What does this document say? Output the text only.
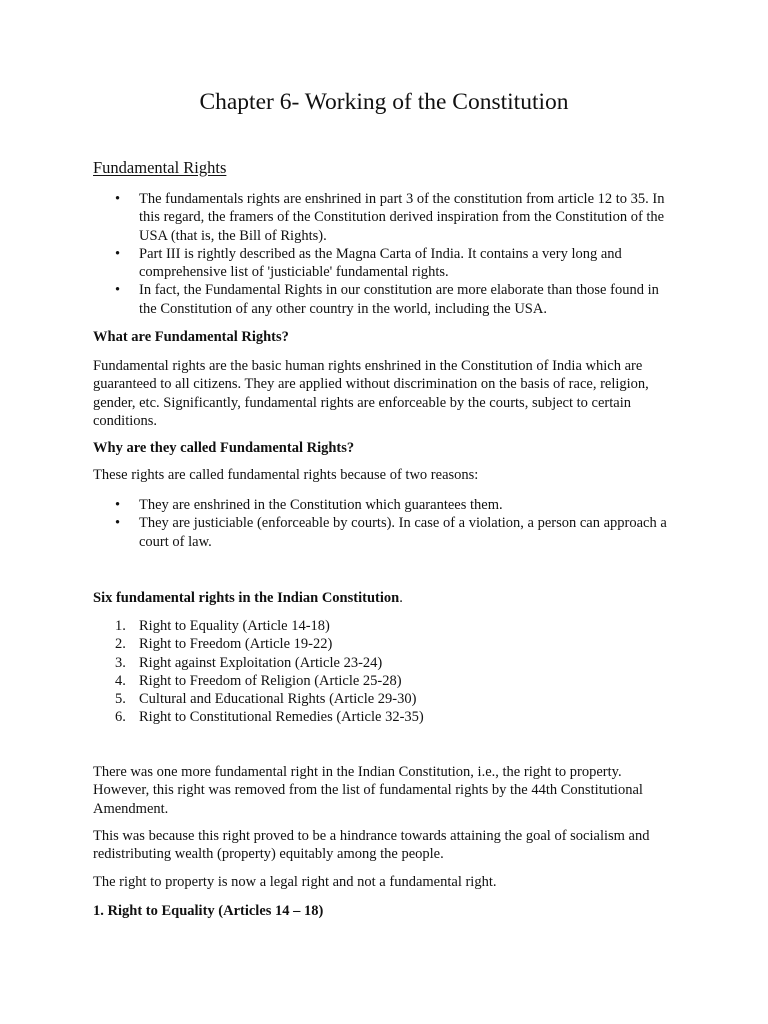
Chapter 6- Working of the Constitution
Fundamental Rights
• The fundamentals rights are enshrined in part 3 of the constitution from article 12 to 35. In this regard, the framers of the Constitution derived inspiration from the Constitution of the USA (that is, the Bill of Rights).
• Part III is rightly described as the Magna Carta of India. It contains a very long and comprehensive list of 'justiciable' fundamental rights.
• In fact, the Fundamental Rights in our constitution are more elaborate than those found in the Constitution of any other country in the world, including the USA.
What are Fundamental Rights?

Fundamental rights are the basic human rights enshrined in the Constitution of India which are guaranteed to all citizens. They are applied without discrimination on the basis of race, religion, gender, etc. Significantly, fundamental rights are enforceable by the courts, subject to certain conditions.

Why are they called Fundamental Rights?

These rights are called fundamental rights because of two reasons:

• They are enshrined in the Constitution which guarantees them.
• They are justiciable (enforceable by courts). In case of a violation, a person can approach a court of law.
Six fundamental rights in the Indian Constitution.
1. Right to Equality (Article 14-18)
2. Right to Freedom (Article 19-22)
3. Right against Exploitation (Article 23-24)
4. Right to Freedom of Religion (Article 25-28)
5. Cultural and Educational Rights (Article 29-30)
6. Right to Constitutional Remedies (Article 32-35)

There was one more fundamental right in the Indian Constitution, i.e., the right to property. However, this right was removed from the list of fundamental rights by the 44th Constitutional Amendment.

This was because this right proved to be a hindrance towards attaining the goal of socialism and redistributing wealth (property) equitably among the people.

The right to property is now a legal right and not a fundamental right.

1. Right to Equality (Articles 14 – 18)
